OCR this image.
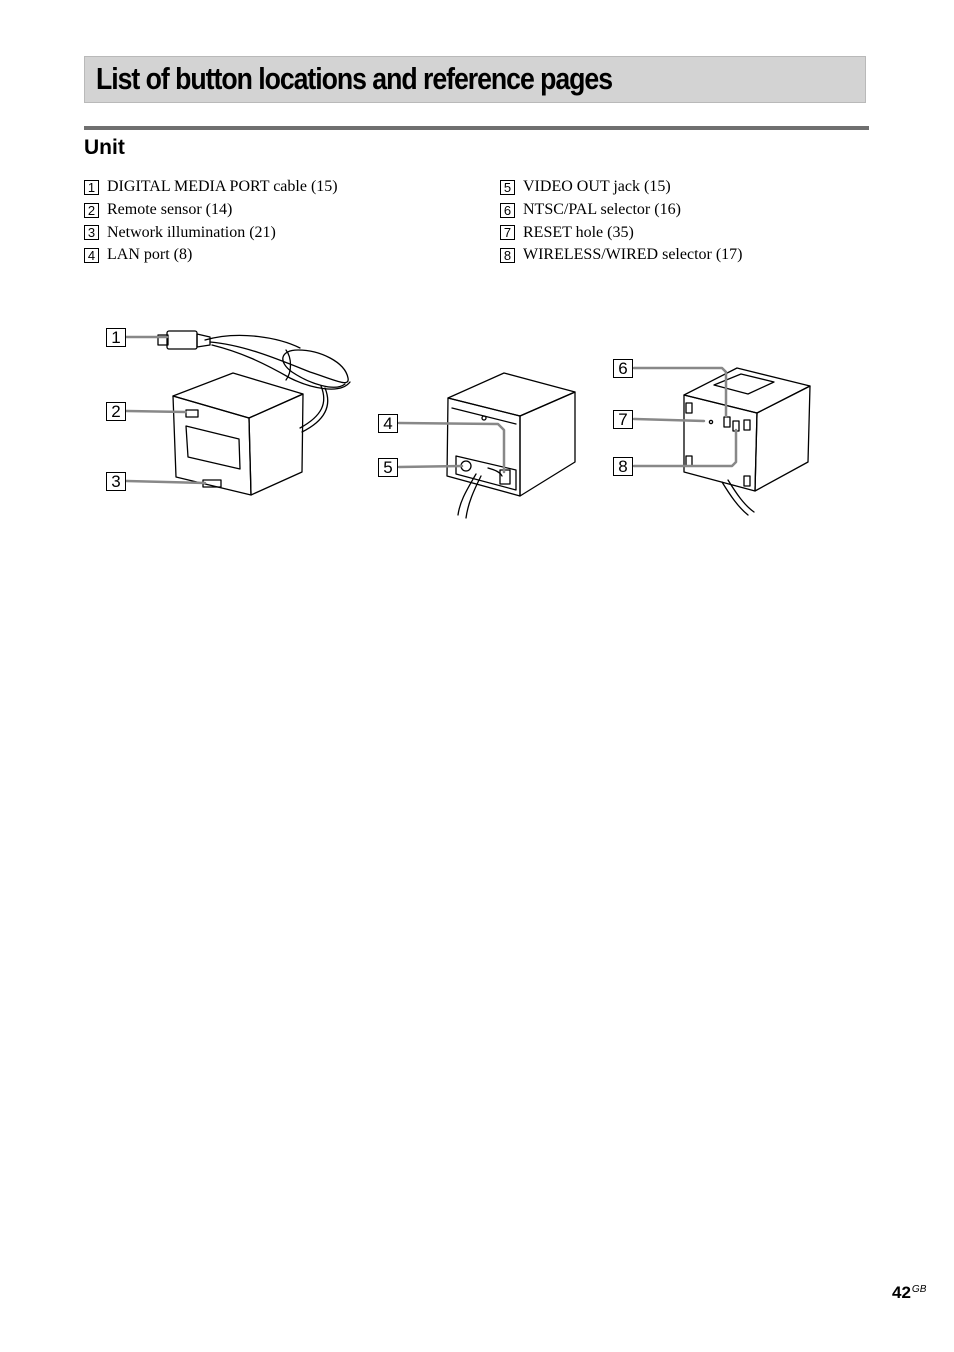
List of button locations and reference pages
Unit
1 DIGITAL MEDIA PORT cable (15)
2 Remote sensor (14)
3 Network illumination (21)
4 LAN port (8)
5 VIDEO OUT jack (15)
6 NTSC/PAL selector (16)
7 RESET hole (35)
8 WIRELESS/WIRED selector (17)
1
2
3
4
5
6
7
8
$42^{GB}$
